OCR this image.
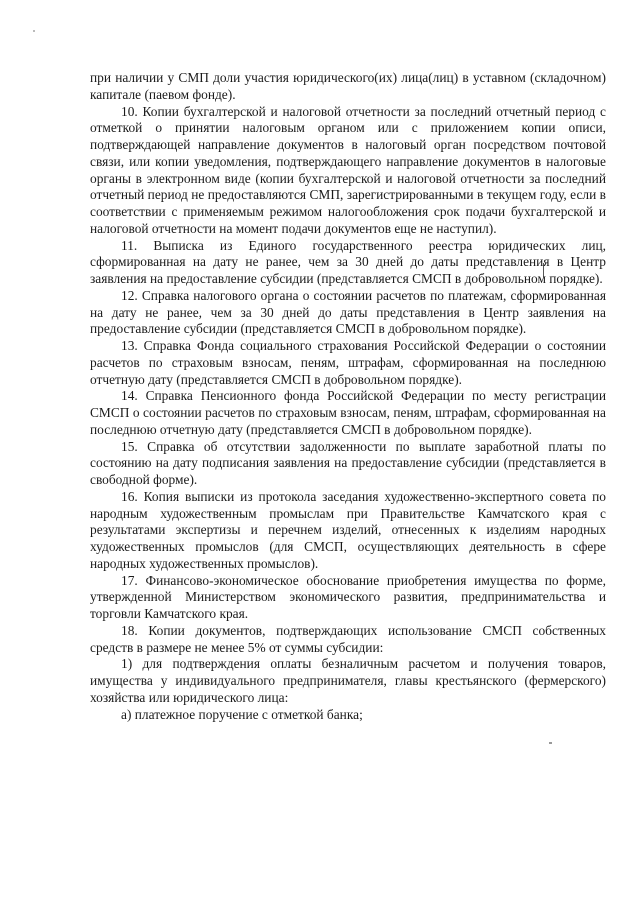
при наличии у СМП доли участия юридического(их) лица(лиц) в уставном (складочном) капитале (паевом фонде).

10. Копии бухгалтерской и налоговой отчетности за последний отчетный период с отметкой о принятии налоговым органом или с приложением копии описи, подтверждающей направление документов в налоговый орган посредством почтовой связи, или копии уведомления, подтверждающего направление документов в налоговые органы в электронном виде (копии бухгалтерской и налоговой отчетности за последний отчетный период не предоставляются СМП, зарегистрированными в текущем году, если в соответствии с применяемым режимом налогообложения срок подачи бухгалтерской и налоговой отчетности на момент подачи документов еще не наступил).

11. Выписка из Единого государственного реестра юридических лиц, сформированная на дату не ранее, чем за 30 дней до даты представления в Центр заявления на предоставление субсидии (представляется СМСП в добровольном порядке).

12. Справка налогового органа о состоянии расчетов по платежам, сформированная на дату не ранее, чем за 30 дней до даты представления в Центр заявления на предоставление субсидии (представляется СМСП в добровольном порядке).

13. Справка Фонда социального страхования Российской Федерации о состоянии расчетов по страховым взносам, пеням, штрафам, сформированная на последнюю отчетную дату (представляется СМСП в добровольном порядке).

14. Справка Пенсионного фонда Российской Федерации по месту регистрации СМСП о состоянии расчетов по страховым взносам, пеням, штрафам, сформированная на последнюю отчетную дату (представляется СМСП в добровольном порядке).

15. Справка об отсутствии задолженности по выплате заработной платы по состоянию на дату подписания заявления на предоставление субсидии (представляется в свободной форме).

16. Копия выписки из протокола заседания художественно-экспертного совета по народным художественным промыслам при Правительстве Камчатского края с результатами экспертизы и перечнем изделий, отнесенных к изделиям народных художественных промыслов (для СМСП, осуществляющих деятельность в сфере народных художественных промыслов).

17. Финансово-экономическое обоснование приобретения имущества по форме, утвержденной Министерством экономического развития, предпринимательства и торговли Камчатского края.

18. Копии документов, подтверждающих использование СМСП собственных средств в размере не менее 5% от суммы субсидии:

1) для подтверждения оплаты безналичным расчетом и получения товаров, имущества у индивидуального предпринимателя, главы крестьянского (фермерского) хозяйства или юридического лица:

а) платежное поручение с отметкой банка;
